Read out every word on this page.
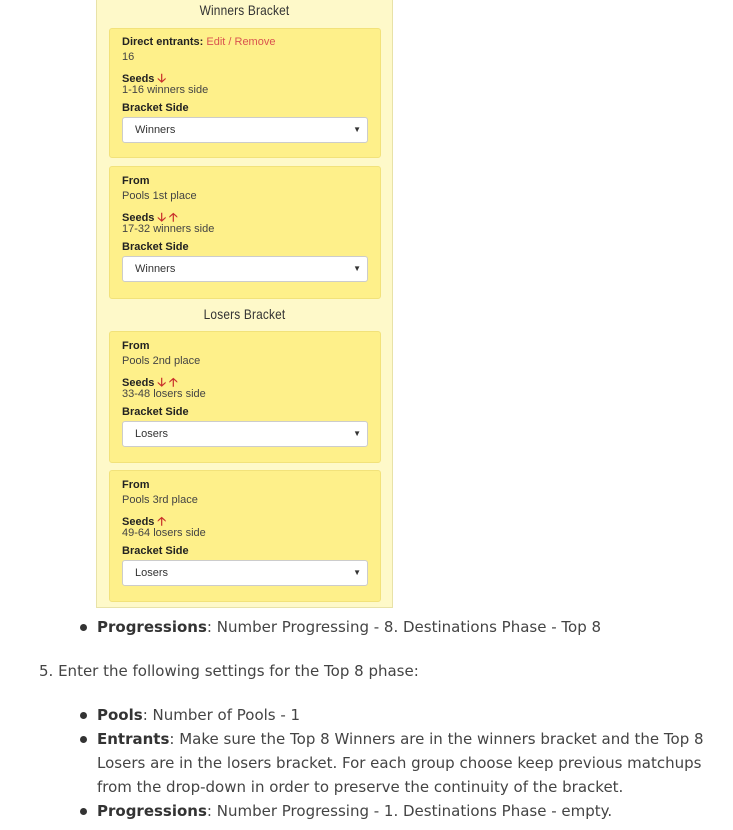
Winners Bracket
Direct entrants: Edit / Remove
16
Seeds 🡣
1-16 winners side
Bracket Side
Winners	▼
From
Pools 1st place
Seeds 🡣 🡡
17-32 winners side
Bracket Side
Winners	▼
Losers Bracket
From
Pools 2nd place
Seeds 🡣 🡡
33-48 losers side
Bracket Side
Losers	▼
From
Pools 3rd place
Seeds 🡡
49-64 losers side
Bracket Side
Losers	▼
Progressions: Number Progressing - 8. Destinations Phase - Top 8
5. Enter the following settings for the Top 8 phase:
Pools: Number of Pools - 1
Entrants: Make sure the Top 8 Winners are in the winners bracket and the Top 8
Losers are in the losers bracket. For each group choose keep previous matchups
from the drop-down in order to preserve the continuity of the bracket.
Progressions: Number Progressing - 1. Destinations Phase - empty.
